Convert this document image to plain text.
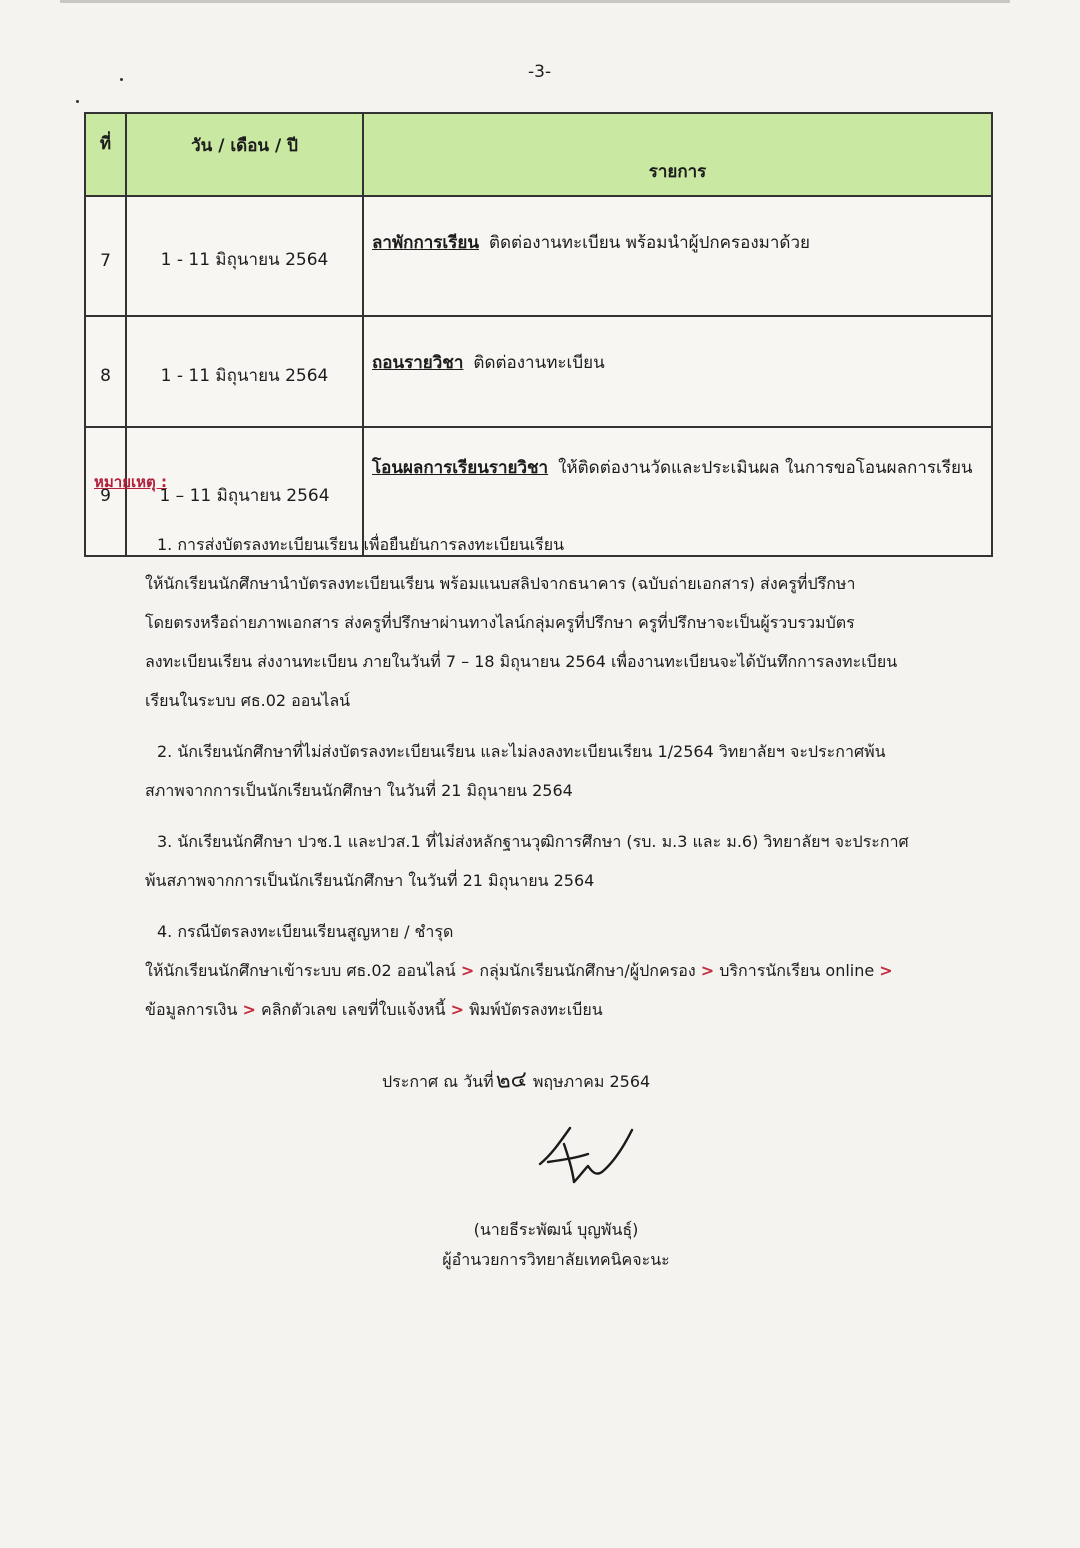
-3-
ที่	วัน / เดือน / ปี	รายการ
7	1 - 11 มิถุนายน 2564	ลาพักการเรียน ติดต่องานทะเบียน พร้อมนำผู้ปกครองมาด้วย
8	1 - 11 มิถุนายน 2564	ถอนรายวิชา ติดต่องานทะเบียน
9	1 – 11 มิถุนายน 2564	โอนผลการเรียนรายวิชา ให้ติดต่องานวัดและประเมินผล ในการขอโอนผลการเรียน
หมายเหตุ :

1. การส่งบัตรลงทะเบียนเรียน เพื่อยืนยันการลงทะเบียนเรียน

ให้นักเรียนนักศึกษานำบัตรลงทะเบียนเรียน พร้อมแนบสลิปจากธนาคาร (ฉบับถ่ายเอกสาร) ส่งครูที่ปรึกษา

โดยตรงหรือถ่ายภาพเอกสาร ส่งครูที่ปรึกษาผ่านทางไลน์กลุ่มครูที่ปรึกษา ครูที่ปรึกษาจะเป็นผู้รวบรวมบัตร

ลงทะเบียนเรียน ส่งงานทะเบียน ภายในวันที่ 7 – 18 มิถุนายน 2564 เพื่องานทะเบียนจะได้บันทึกการลงทะเบียน

เรียนในระบบ ศธ.02 ออนไลน์

2. นักเรียนนักศึกษาที่ไม่ส่งบัตรลงทะเบียนเรียน และไม่ลงลงทะเบียนเรียน 1/2564 วิทยาลัยฯ จะประกาศพ้น

สภาพจากการเป็นนักเรียนนักศึกษา ในวันที่ 21 มิถุนายน 2564

3. นักเรียนนักศึกษา ปวช.1 และปวส.1 ที่ไม่ส่งหลักฐานวุฒิการศึกษา (รบ. ม.3 และ ม.6) วิทยาลัยฯ จะประกาศ

พ้นสภาพจากการเป็นนักเรียนนักศึกษา ในวันที่ 21 มิถุนายน 2564

4. กรณีบัตรลงทะเบียนเรียนสูญหาย / ชำรุด

ให้นักเรียนนักศึกษาเข้าระบบ ศธ.02 ออนไลน์ > กลุ่มนักเรียนนักศึกษา/ผู้ปกครอง > บริการนักเรียน online >

ข้อมูลการเงิน > คลิกตัวเลข เลขที่ใบแจ้งหนี้ > พิมพ์บัตรลงทะเบียน

ประกาศ ณ วันที่๒๔ พฤษภาคม 2564
(นายธีระพัฒน์ บุญพันธุ์)
ผู้อำนวยการวิทยาลัยเทคนิคจะนะ
